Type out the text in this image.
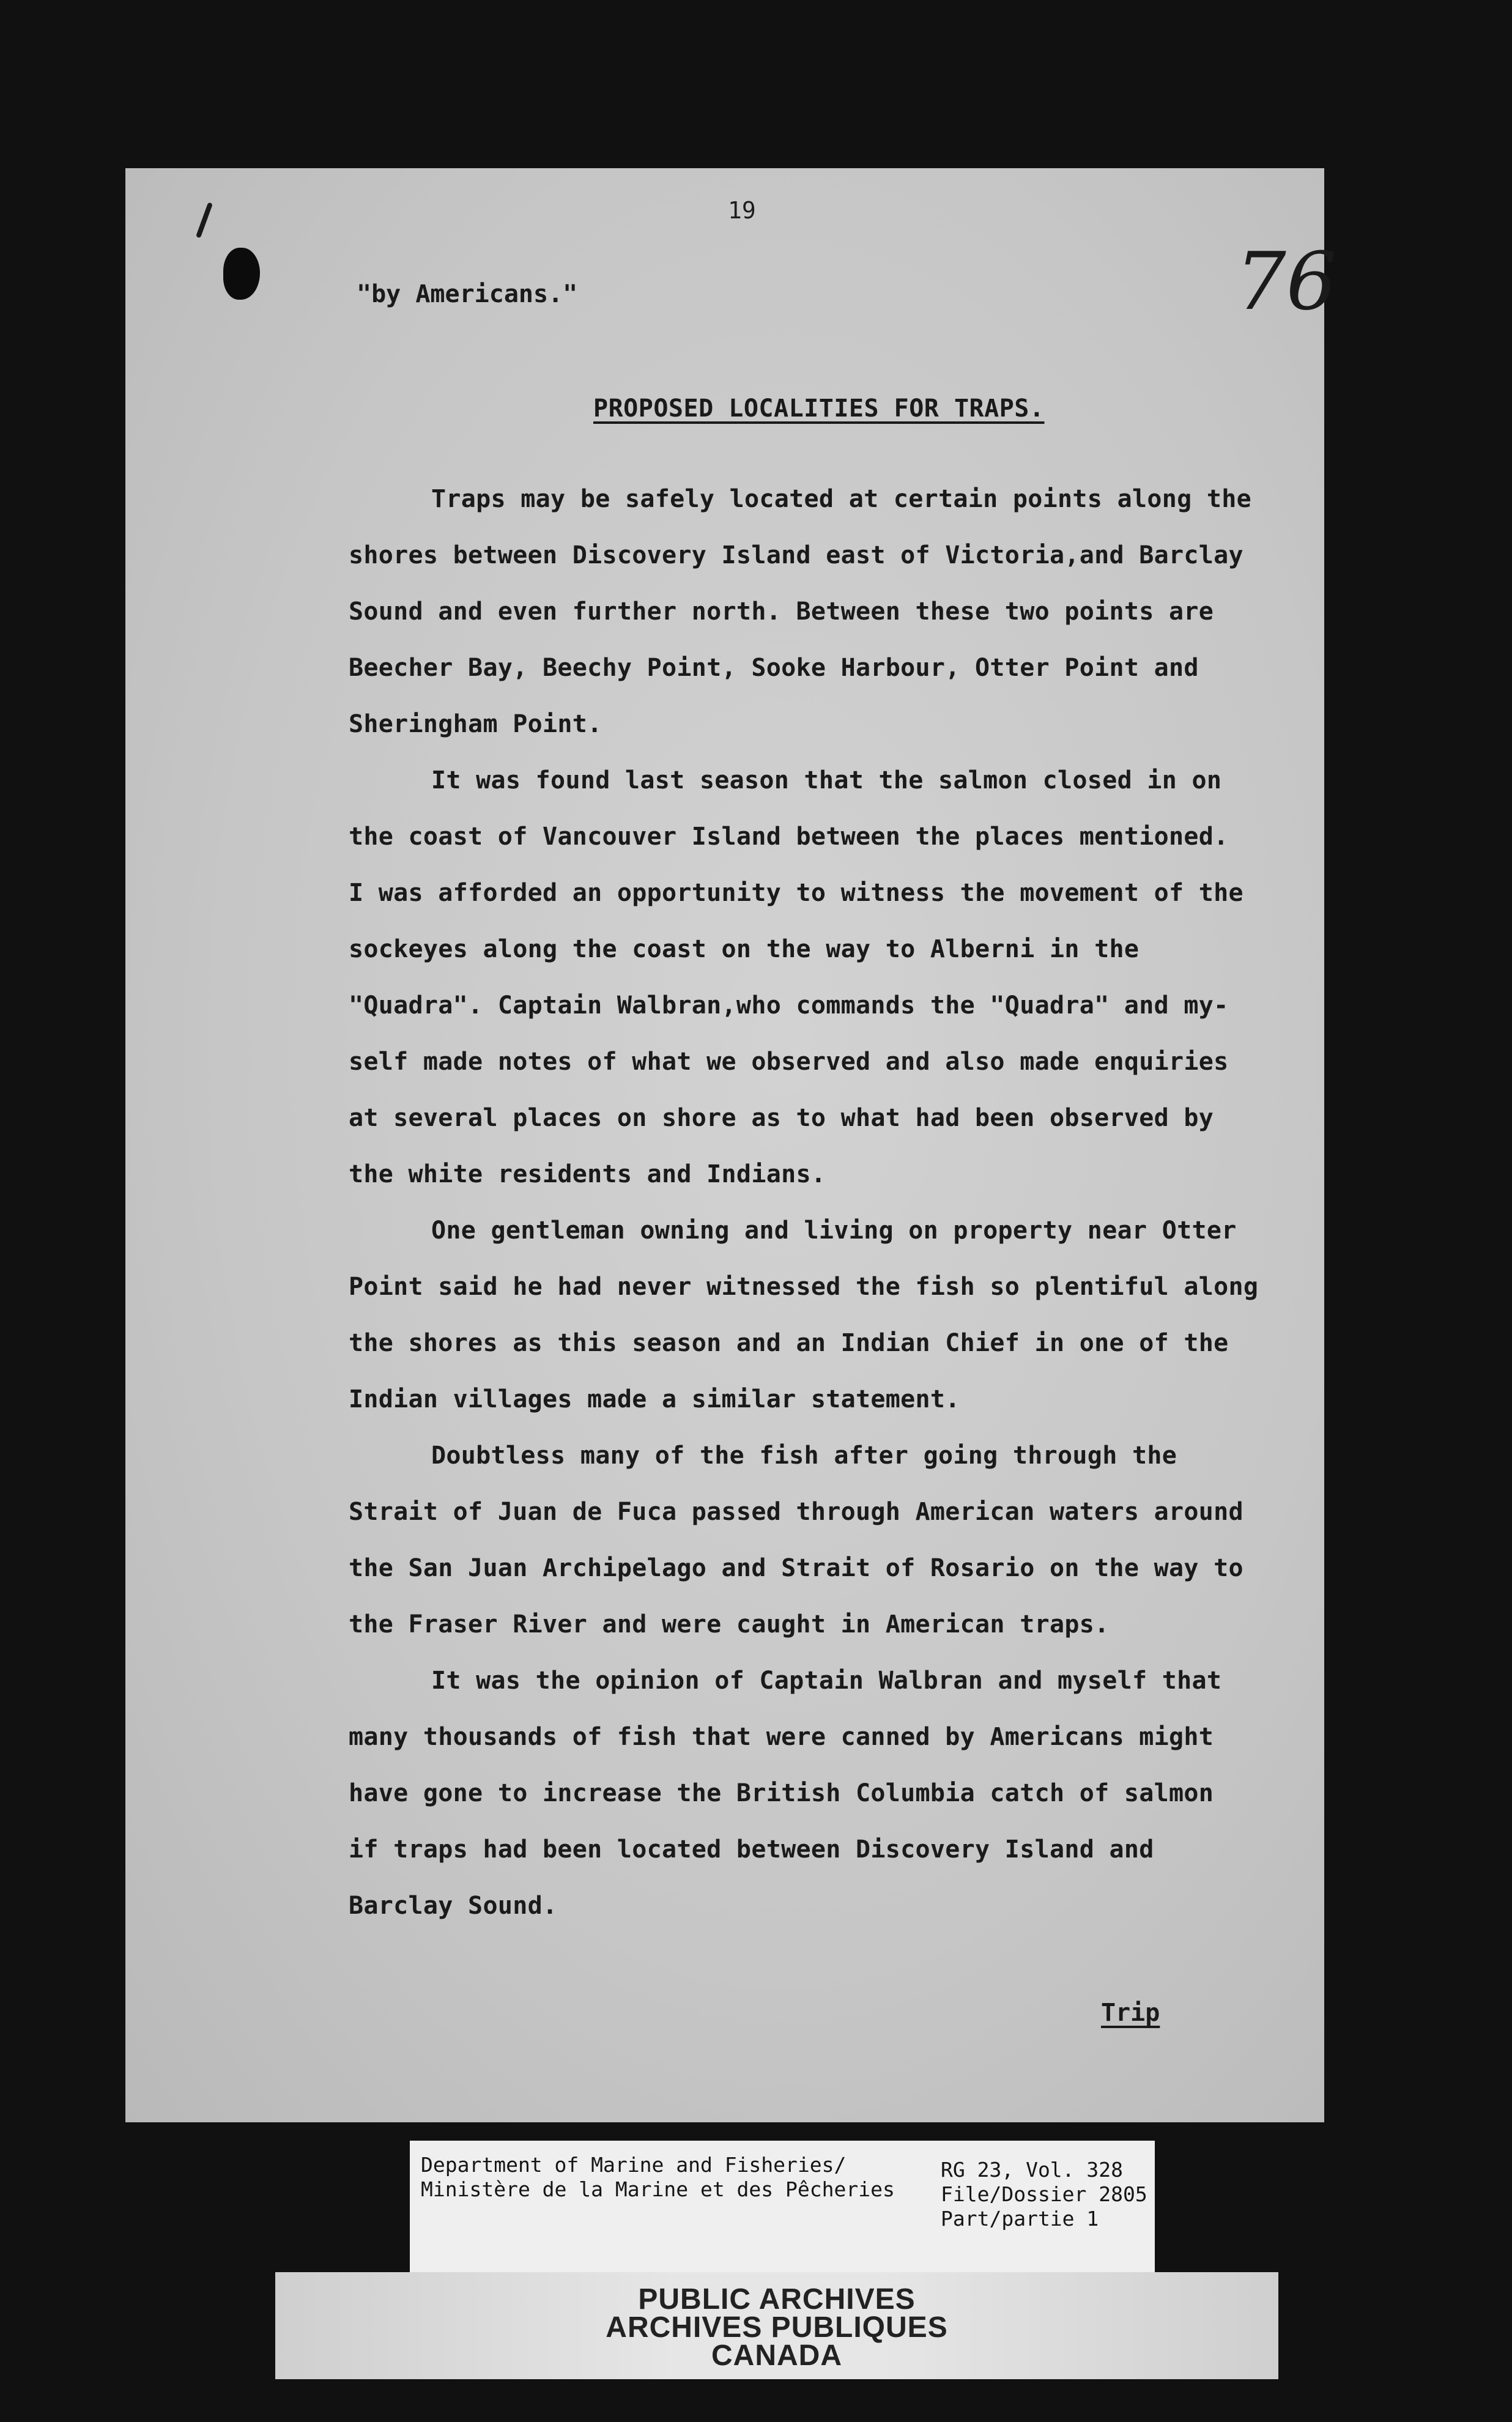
76
19
"by Americans."
PROPOSED LOCALITIES FOR TRAPS.

Traps may be safely located at certain points along the
shores between Discovery Island east of Victoria,and Barclay
Sound and even further north. Between these two points are
Beecher Bay, Beechy Point, Sooke Harbour, Otter Point and
Sheringham Point.

It was found last season that the salmon closed in on
the coast of Vancouver Island between the places mentioned.
I was afforded an opportunity to witness the movement of the
sockeyes along the coast on the way to Alberni in the
"Quadra". Captain Walbran,who commands the "Quadra" and my-
self made notes of what we observed and also made enquiries
at several places on shore as to what had been observed by
the white residents and Indians.

One gentleman owning and living on property near Otter
Point said he had never witnessed the fish so plentiful along
the shores as this season and an Indian Chief in one of the
Indian villages made a similar statement.

Doubtless many of the fish after going through the
Strait of Juan de Fuca passed through American waters around
the San Juan Archipelago and Strait of Rosario on the way to
the Fraser River and were caught in American traps.

It was the opinion of Captain Walbran and myself that
many thousands of fish that were canned by Americans might
have gone to increase the British Columbia catch of salmon
if traps had been located between Discovery Island and
Barclay Sound.

Trip
Department of Marine and Fisheries/
Ministère de la Marine et des Pêcheries
RG 23, Vol. 328
File/Dossier 2805
Part/partie 1
PUBLIC ARCHIVES
ARCHIVES PUBLIQUES
CANADA
